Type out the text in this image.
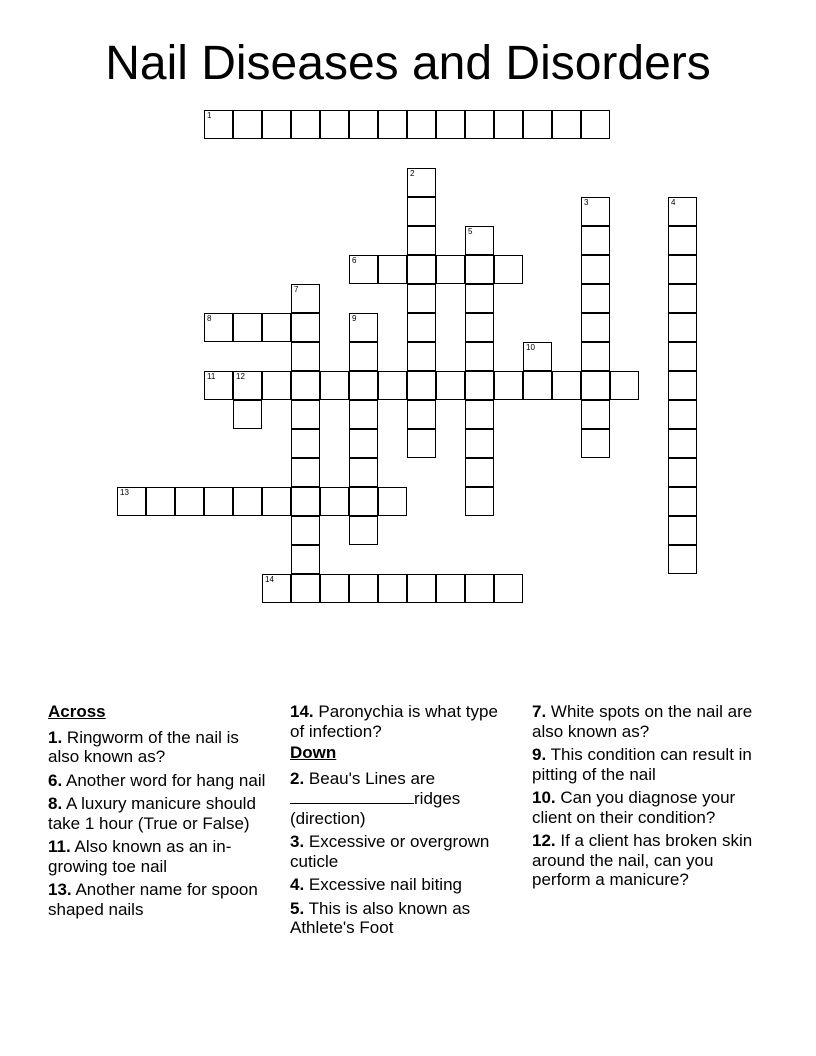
Nail Diseases and Disorders
1
2
3	4
5
6
7
8	9
10
11	12
13
14
Across
1. Ringworm of the nail is also known as?
6. Another word for hang nail
8. A luxury manicure should take 1 hour (True or False)
11. Also known as an in-growing toe nail
13. Another name for spoon shaped nails
14. Paronychia is what type of infection?
Down
2. Beau's Lines are
ridges (direction)
3. Excessive or overgrown cuticle
4. Excessive nail biting
5. This is also known as Athlete's Foot
7. White spots on the nail are also known as?
9. This condition can result in pitting of the nail
10. Can you diagnose your client on their condition?
12. If a client has broken skin around the nail, can you perform a manicure?
